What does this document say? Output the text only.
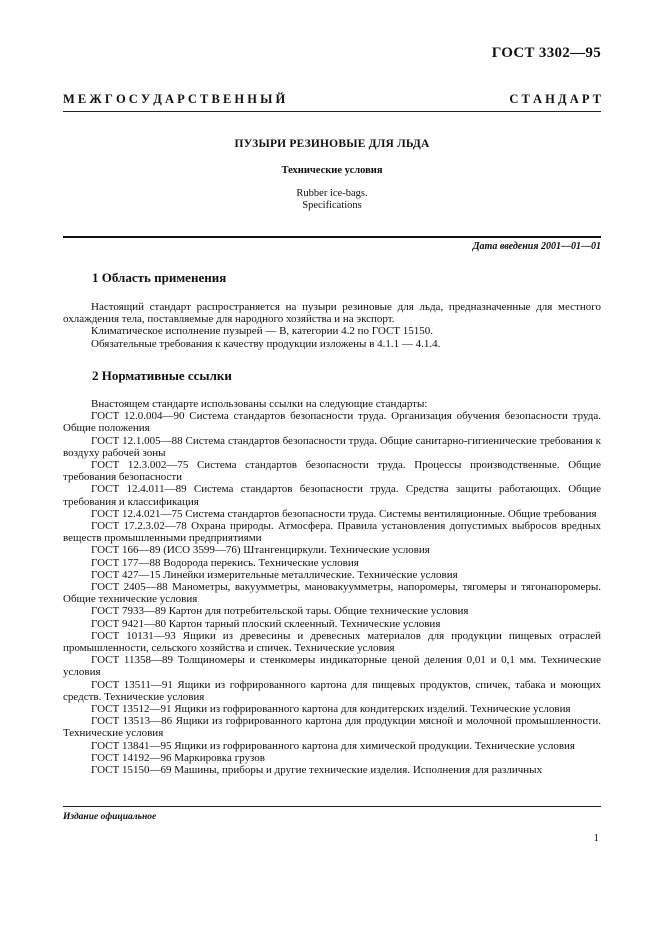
ГОСТ 3302—95
М Е Ж Г О С У Д А Р С Т В Е Н Н Ы Й	С Т А Н Д А Р Т
ПУЗЫРИ РЕЗИНОВЫЕ ДЛЯ ЛЬДА
Технические условия
Rubber ice-bags.
Specifications
Дата введения 2001—01—01
1 Область применения

Настоящий стандарт распространяется на пузыри резиновые для льда, предназначенные для местного охлаждения тела, поставляемые для народного хозяйства и на экспорт.

Климатическое исполнение пузырей — В, категории 4.2 по ГОСТ 15150.

Обязательные требования к качеству продукции изложены в 4.1.1 — 4.1.4.

2 Нормативные ссылки

Внастоящем стандарте использованы ссылки на следующие стандарты:

ГОСТ 12.0.004—90 Система стандартов безопасности труда. Организация обучения безопасности труда. Общие положения

ГОСТ 12.1.005—88 Система стандартов безопасности труда. Общие санитарно-гигиенические требования к воздуху рабочей зоны

ГОСТ 12.3.002—75 Система стандартов безопасности труда. Процессы производственные. Общие требования безопасности

ГОСТ 12.4.011—89 Система стандартов безопасности труда. Средства защиты работающих. Общие требования и классификация

ГОСТ 12.4.021—75 Система стандартов безопасности труда. Системы вентиляционные. Общие требования

ГОСТ 17.2.3.02—78 Охрана природы. Атмосфера. Правила установления допустимых выбросов вредных веществ промышленными предприятиями

ГОСТ 166—89 (ИСО 3599—76) Штангенциркули. Технические условия

ГОСТ 177—88 Водорода перекись. Технические условия

ГОСТ 427—15 Линейки измерительные металлические. Технические условия

ГОСТ 2405—88 Манометры, вакуумметры, мановакуумметры, напоромеры, тягомеры и тягонапоромеры. Общие технические условия

ГОСТ 7933—89 Картон для потребительской тары. Общие технические условия

ГОСТ 9421—80 Картон тарный плоский склеенный. Технические условия

ГОСТ 10131—93 Ящики из древесины и древесных материалов для продукции пищевых отраслей промышленности, сельского хозяйства и спичек. Технические условия

ГОСТ 11358—89 Толщиномеры и стенкомеры индикаторные ценой деления 0,01 и 0,1 мм. Технические условия

ГОСТ 13511—91 Ящики из гофрированного картона для пищевых продуктов, спичек, табака и моющих средств. Технические условия

ГОСТ 13512—91 Ящики из гофрированного картона для кондитерских изделий. Технические условия

ГОСТ 13513—86 Ящики из гофрированного картона для продукции мясной и молочной промышленности. Технические условия

ГОСТ 13841—95 Ящики из гофрированного картона для химической продукции. Технические условия

ГОСТ 14192—96 Маркировка грузов

ГОСТ 15150—69 Машины, приборы и другие технические изделия. Исполнения для различных

Издание официальное
1
